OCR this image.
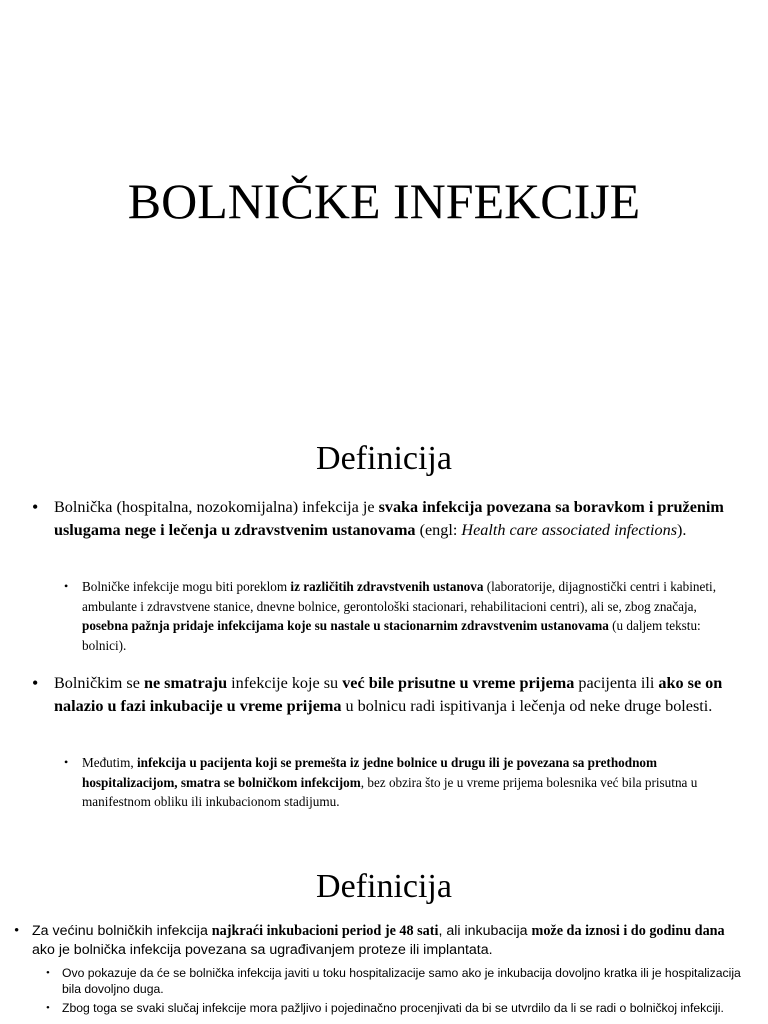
BOLNIČKE INFEKCIJE
Definicija
• Bolnička (hospitalna, nozokomijalna) infekcija je svaka infekcija povezana sa boravkom i pruženim uslugama nege i lečenja u zdravstvenim ustanovama (engl: Health care associated infections).
• Bolničke infekcije mogu biti poreklom iz različitih zdravstvenih ustanova (laboratorije, dijagnostički centri i kabineti, ambulante i zdravstvene stanice, dnevne bolnice, gerontološki stacionari, rehabilitacioni centri), ali se, zbog značaja, posebna pažnja pridaje infekcijama koje su nastale u stacionarnim zdravstvenim ustanovama (u daljem tekstu: bolnici).
• Bolničkim se ne smatraju infekcije koje su već bile prisutne u vreme prijema pacijenta ili ako se on nalazio u fazi inkubacije u vreme prijema u bolnicu radi ispitivanja i lečenja od neke druge bolesti.
• Međutim, infekcija u pacijenta koji se premešta iz jedne bolnice u drugu ili je povezana sa prethodnom hospitalizacijom, smatra se bolničkom infekcijom, bez obzira što je u vreme prijema bolesnika već bila prisutna u manifestnom obliku ili inkubacionom stadijumu.
Definicija
• Za većinu bolničkih infekcija najkraći inkubacioni period je 48 sati, ali inkubacija može da iznosi i do godinu dana ako je bolnička infekcija povezana sa ugrađivanjem proteze ili implantata.
• Ovo pokazuje da će se bolnička infekcija javiti u toku hospitalizacije samo ako je inkubacija dovoljno kratka ili je hospitalizacija bila dovoljno duga.
• Zbog toga se svaki slučaj infekcije mora pažljivo i pojedinačno procenjivati da bi se utvrdilo da li se radi o bolničkoj infekciji.
